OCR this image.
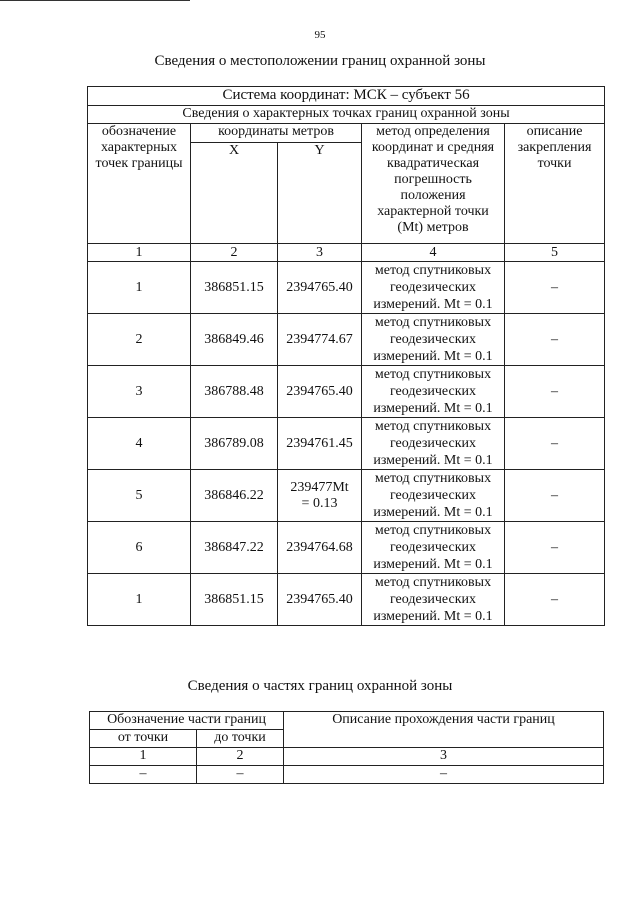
95
Сведения о местоположении границ охранной зоны
Система координат: МСК – субъект 56				
Сведения о характерных точках границ охранной зоны				
обозначение характерных точек границы	координаты метров		метод определения координат и средняя квадратическая погрешность положения характерной точки (Mt) метров	описание закрепления точки
	X	Y		
1	2	3	4	5
1	386851.15	2394765.40	метод спутниковых геодезических измерений. Mt = 0.1	–
2	386849.46	2394774.67	метод спутниковых геодезических измерений. Mt = 0.1	–
3	386788.48	2394765.40	метод спутниковых геодезических измерений. Mt = 0.1	–
4	386789.08	2394761.45	метод спутниковых геодезических измерений. Mt = 0.1	–
5	386846.22	239477Mt = 0.13	метод спутниковых геодезических измерений. Mt = 0.1	–
6	386847.22	2394764.68	метод спутниковых геодезических измерений. Mt = 0.1	–
1	386851.15	2394765.40	метод спутниковых геодезических измерений. Mt = 0.1	–
Сведения о частях границ охранной зоны
Обозначение части границ		Описание прохождения части границ
от точки	до точки	
1	2	3
–	–	–
